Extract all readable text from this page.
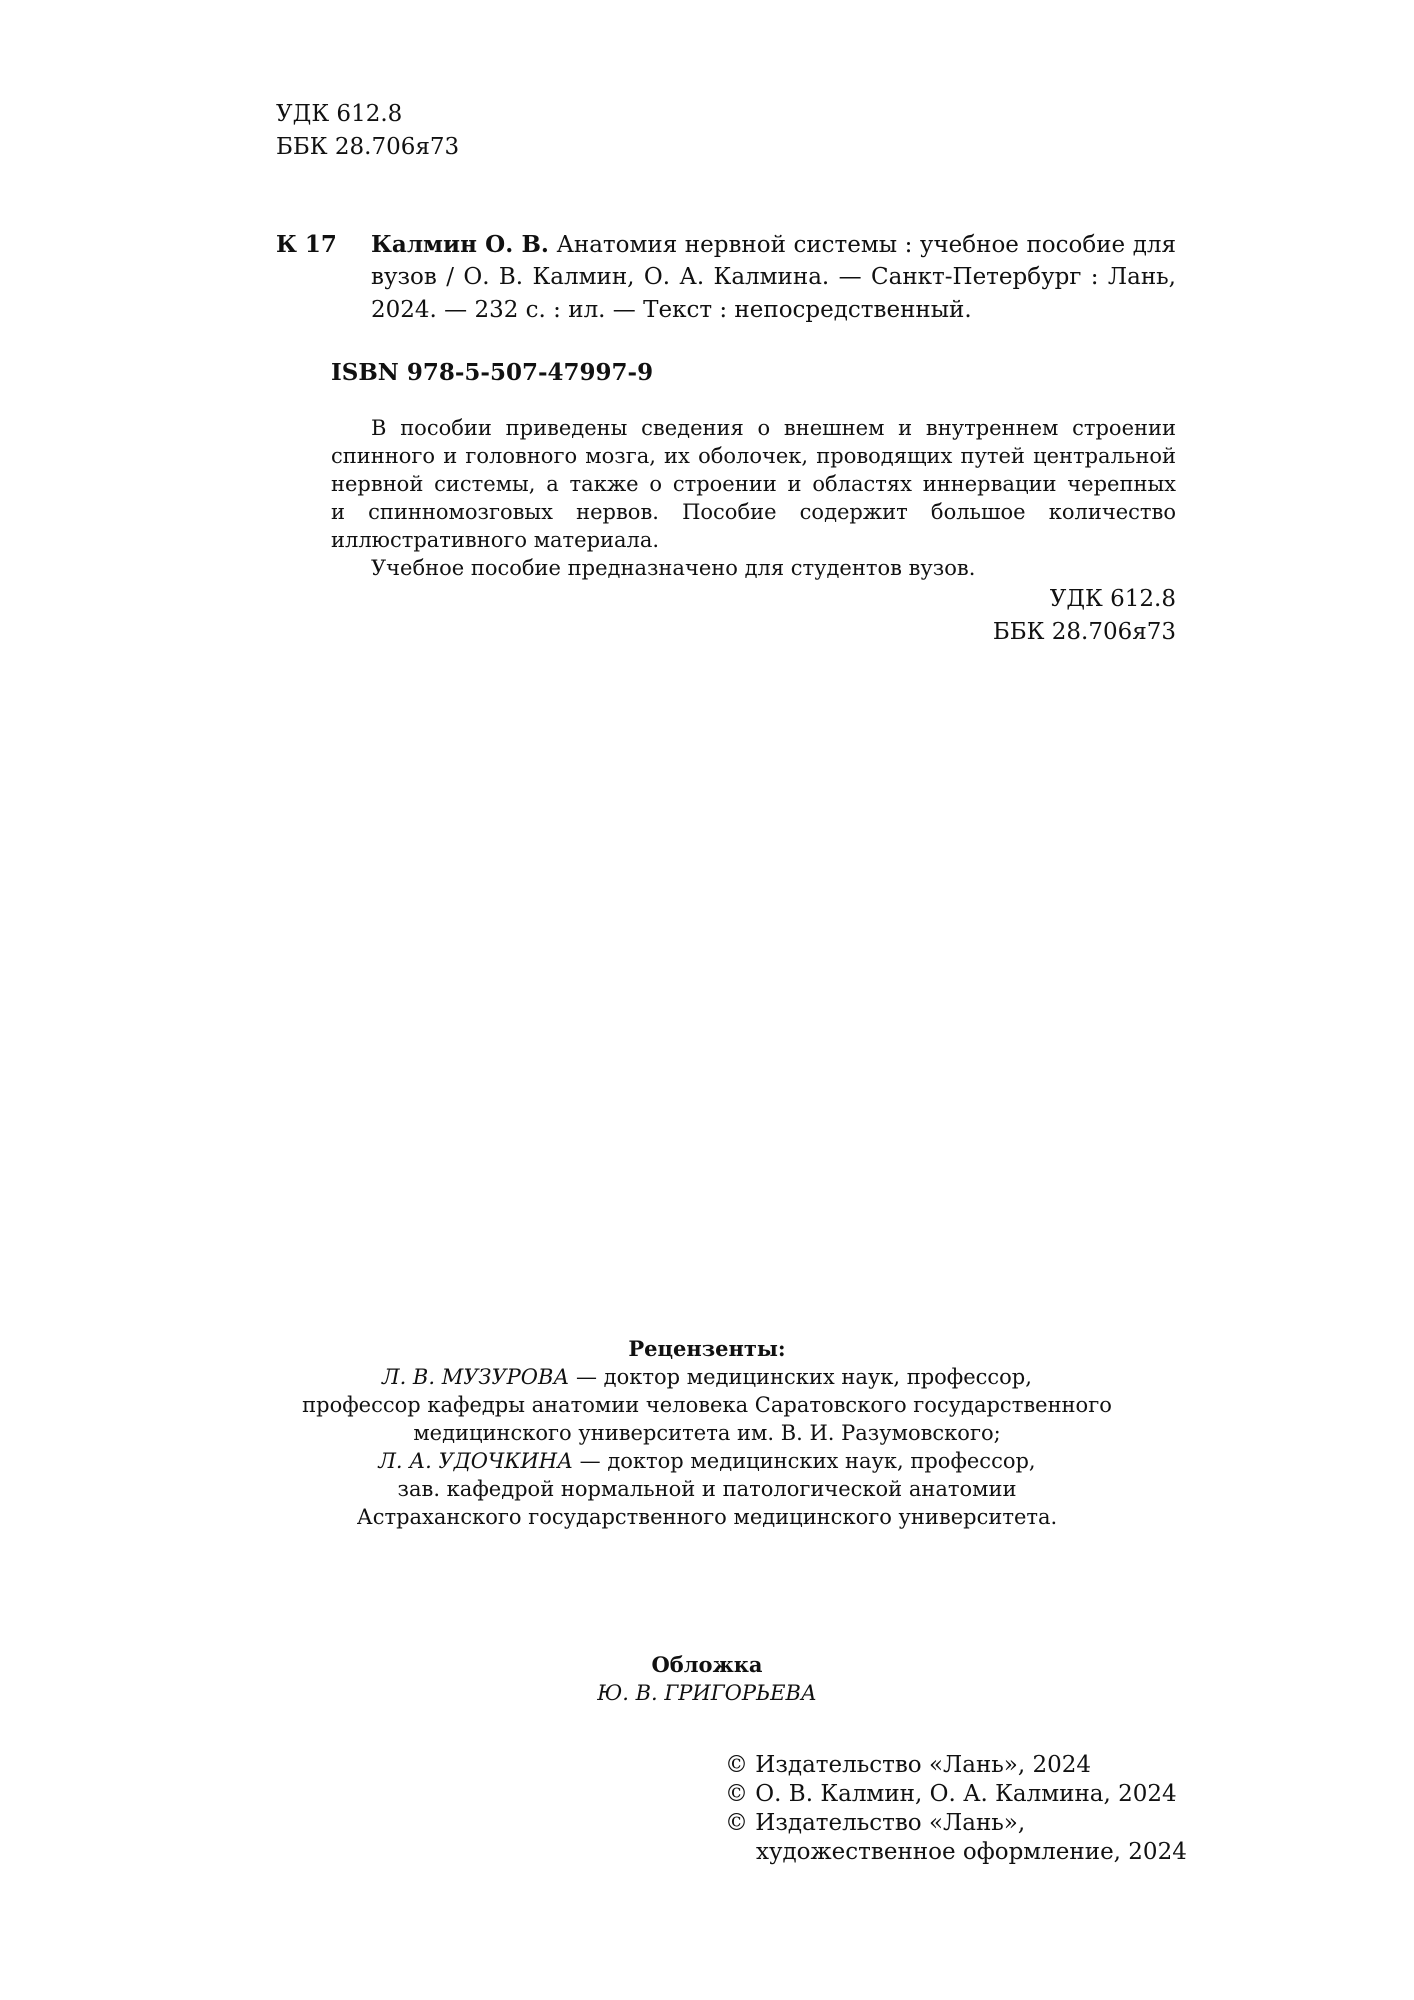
УДК 612.8
ББК 28.706я73
К 17 Калмин О. В. Анатомия нервной системы : учебное пособие для
вузов / О. В. Калмин, О. А. Калмина. — Санкт-Петербург : Лань,
2024. — 232 с. : ил. — Текст : непосредственный.
ISBN 978-5-507-47997-9
В пособии приведены сведения о внешнем и внутреннем строении
спинного и головного мозга, их оболочек, проводящих путей центральной
нервной системы, а также о строении и областях иннервации черепных
и спинномозговых нервов. Пособие содержит большое количество
иллюстративного материала.
Учебное пособие предназначено для студентов вузов.
УДК 612.8
ББК 28.706я73
Рецензенты:
Л. В. МУЗУРОВА — доктор медицинских наук, профессор,
профессор кафедры анатомии человека Саратовского государственного
медицинского университета им. В. И. Разумовского;
Л. А. УДОЧКИНА — доктор медицинских наук, профессор,
зав. кафедрой нормальной и патологической анатомии
Астраханского государственного медицинского университета.
Обложка
Ю. В. ГРИГОРЬЕВА
© Издательство «Лань», 2024
© О. В. Калмин, О. А. Калмина, 2024
© Издательство «Лань»,
художественное оформление, 2024
